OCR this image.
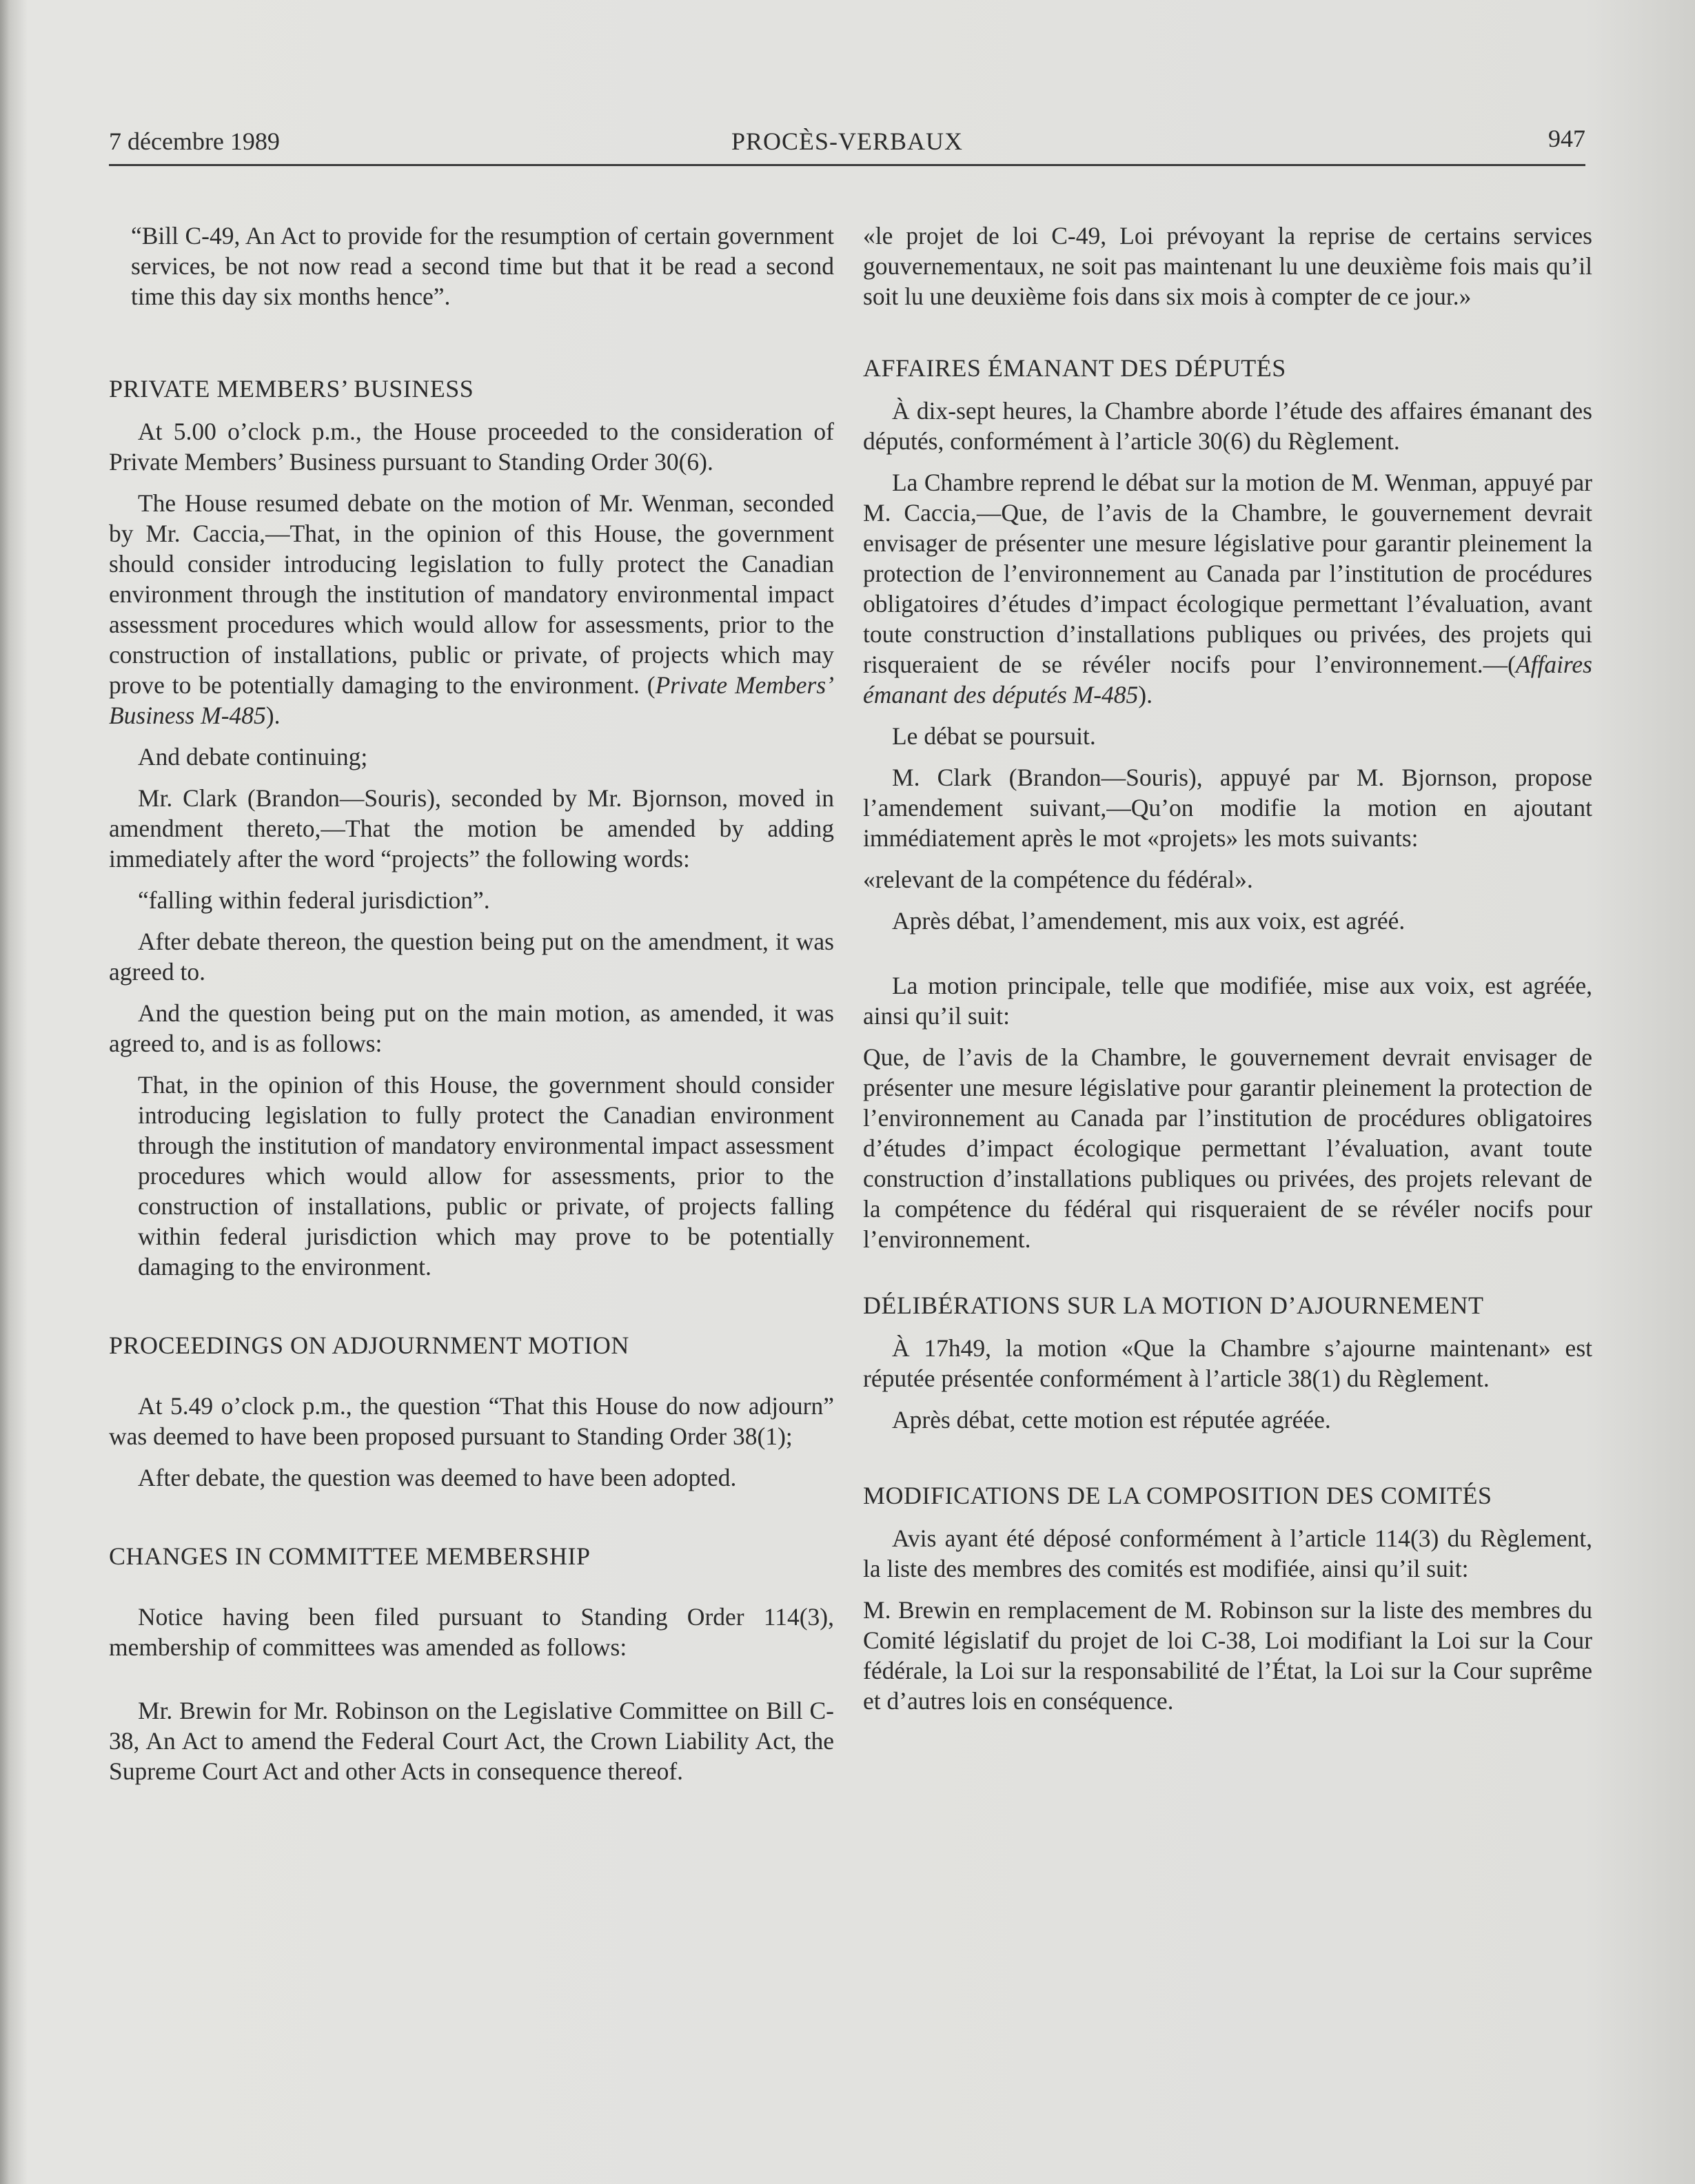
7 décembre 1989	PROCÈS-VERBAUX	947

“Bill C-49, An Act to provide for the resumption of certain government services, be not now read a second time but that it be read a second time this day six months hence”.

PRIVATE MEMBERS’ BUSINESS

At 5.00 o’clock p.m., the House proceeded to the consideration of Private Members’ Business pursuant to Standing Order 30(6).

The House resumed debate on the motion of Mr. Wenman, seconded by Mr. Caccia,—That, in the opinion of this House, the government should consider introducing legislation to fully protect the Canadian environment through the institution of mandatory environmental impact assessment procedures which would allow for assessments, prior to the construction of installations, public or private, of projects which may prove to be potentially damaging to the environment. (Private Members’ Business M-485).

And debate continuing;

Mr. Clark (Brandon—Souris), seconded by Mr. Bjornson, moved in amendment thereto,—That the motion be amended by adding immediately after the word “projects” the following words:

“falling within federal jurisdiction”.

After debate thereon, the question being put on the amendment, it was agreed to.

And the question being put on the main motion, as amended, it was agreed to, and is as follows:

That, in the opinion of this House, the government should consider introducing legislation to fully protect the Canadian environment through the institution of mandatory environmental impact assessment procedures which would allow for assessments, prior to the construction of installations, public or private, of projects falling within federal jurisdiction which may prove to be potentially damaging to the environment.

PROCEEDINGS ON ADJOURNMENT MOTION

At 5.49 o’clock p.m., the question “That this House do now adjourn” was deemed to have been proposed pursuant to Standing Order 38(1);

After debate, the question was deemed to have been adopted.

CHANGES IN COMMITTEE MEMBERSHIP

Notice having been filed pursuant to Standing Order 114(3), membership of committees was amended as follows:

Mr. Brewin for Mr. Robinson on the Legislative Committee on Bill C-38, An Act to amend the Federal Court Act, the Crown Liability Act, the Supreme Court Act and other Acts in consequence thereof.

«le projet de loi C-49, Loi prévoyant la reprise de certains services gouvernementaux, ne soit pas maintenant lu une deuxième fois mais qu’il soit lu une deuxième fois dans six mois à compter de ce jour.»

AFFAIRES ÉMANANT DES DÉPUTÉS

À dix-sept heures, la Chambre aborde l’étude des affaires émanant des députés, conformément à l’article 30(6) du Règlement.

La Chambre reprend le débat sur la motion de M. Wenman, appuyé par M. Caccia,—Que, de l’avis de la Chambre, le gouvernement devrait envisager de présenter une mesure législative pour garantir pleinement la protection de l’environnement au Canada par l’institution de procédures obligatoires d’études d’impact écologique permettant l’évaluation, avant toute construction d’installations publiques ou privées, des projets qui risqueraient de se révéler nocifs pour l’environnement.—(Affaires émanant des députés M-485).

Le débat se poursuit.

M. Clark (Brandon—Souris), appuyé par M. Bjornson, propose l’amendement suivant,—Qu’on modifie la motion en ajoutant immédiatement après le mot «projets» les mots suivants:

«relevant de la compétence du fédéral».

Après débat, l’amendement, mis aux voix, est agréé.

La motion principale, telle que modifiée, mise aux voix, est agréée, ainsi qu’il suit:

Que, de l’avis de la Chambre, le gouvernement devrait envisager de présenter une mesure législative pour garantir pleinement la protection de l’environnement au Canada par l’institution de procédures obligatoires d’études d’impact écologique permettant l’évaluation, avant toute construction d’installations publiques ou privées, des projets relevant de la compétence du fédéral qui risqueraient de se révéler nocifs pour l’environnement.

DÉLIBÉRATIONS SUR LA MOTION D’AJOURNEMENT

À 17h49, la motion «Que la Chambre s’ajourne maintenant» est réputée présentée conformément à l’article 38(1) du Règlement.

Après débat, cette motion est réputée agréée.

MODIFICATIONS DE LA COMPOSITION DES COMITÉS

Avis ayant été déposé conformément à l’article 114(3) du Règlement, la liste des membres des comités est modifiée, ainsi qu’il suit:

M. Brewin en remplacement de M. Robinson sur la liste des membres du Comité législatif du projet de loi C-38, Loi modifiant la Loi sur la Cour fédérale, la Loi sur la responsabilité de l’État, la Loi sur la Cour suprême et d’autres lois en conséquence.
